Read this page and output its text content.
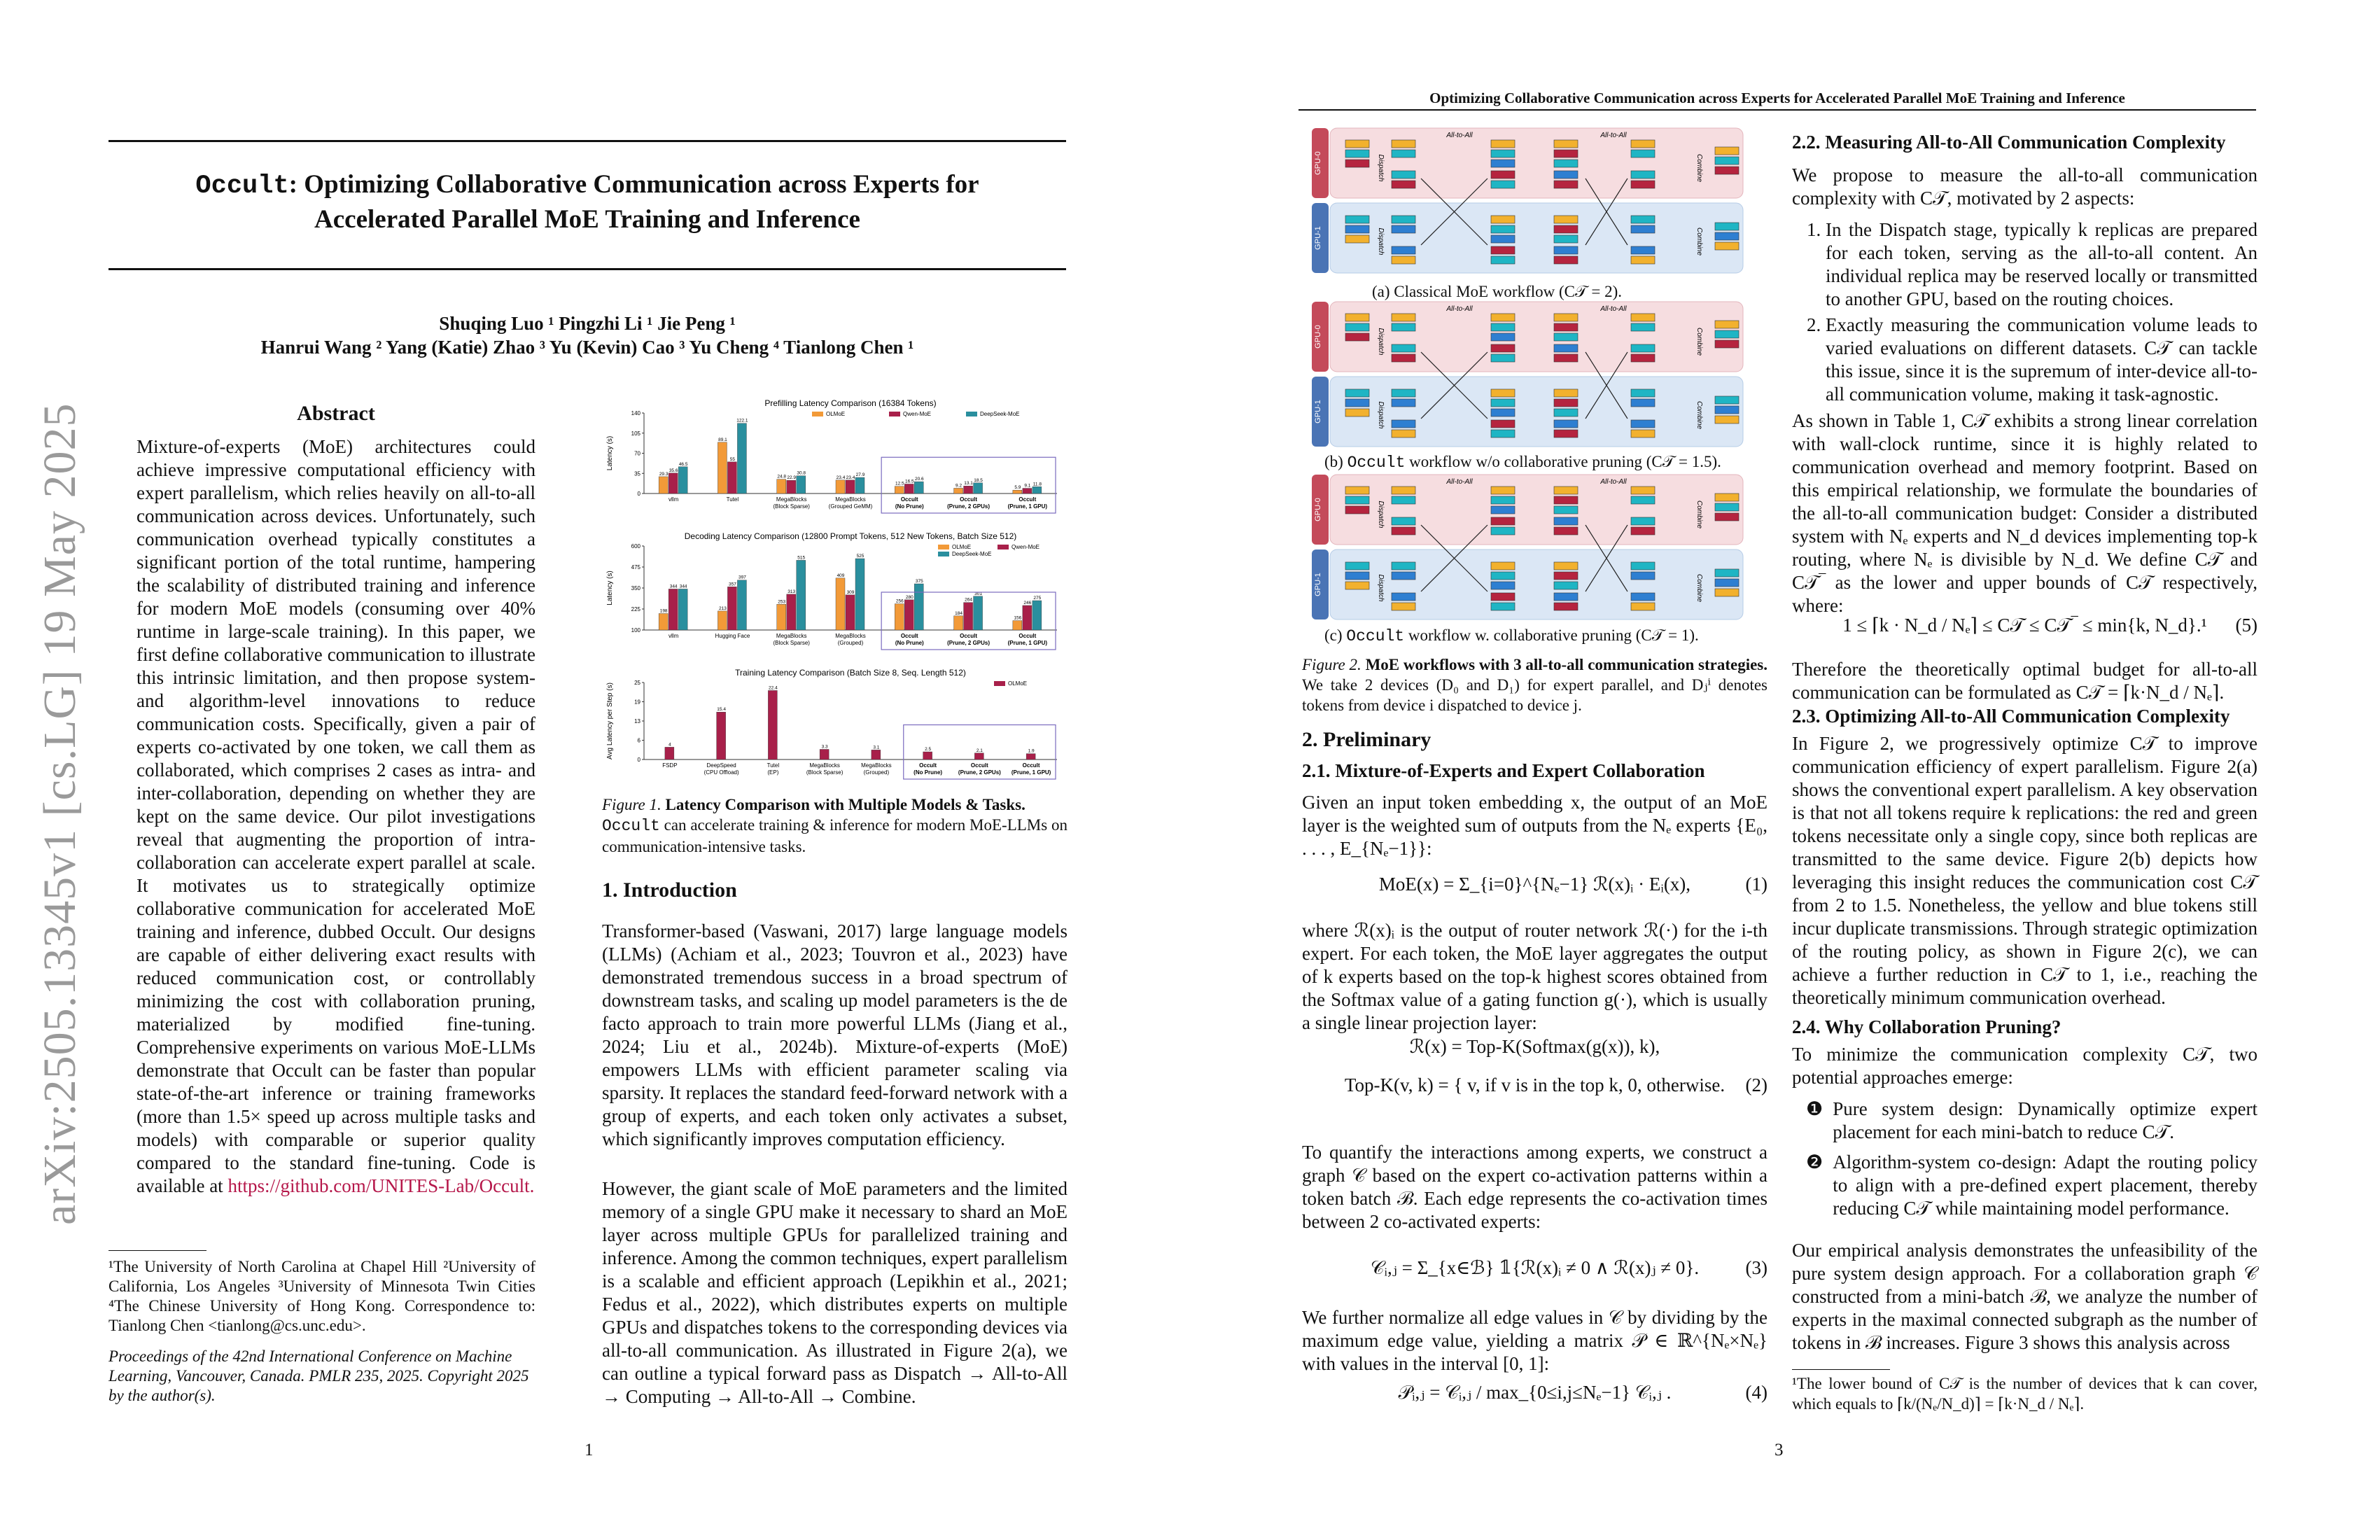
arXiv:2505.13345v1 [cs.LG] 19 May 2025
Occult: Optimizing Collaborative Communication across Experts for
Accelerated Parallel MoE Training and Inference
Shuqing Luo ¹ Pingzhi Li ¹ Jie Peng ¹
Hanrui Wang ² Yang (Katie) Zhao ³ Yu (Kevin) Cao ³ Yu Cheng ⁴ Tianlong Chen ¹
Abstract
Mixture-of-experts (MoE) architectures could achieve impressive computational efficiency with expert parallelism, which relies heavily on all-to-all communication across devices. Unfortunately, such communication overhead typically constitutes a significant portion of the total runtime, hampering the scalability of distributed training and inference for modern MoE models (consuming over 40% runtime in large-scale training). In this paper, we first define collaborative communication to illustrate this intrinsic limitation, and then propose system- and algorithm-level innovations to reduce communication costs. Specifically, given a pair of experts co-activated by one token, we call them as collaborated, which comprises 2 cases as intra- and inter-collaboration, depending on whether they are kept on the same device. Our pilot investigations reveal that augmenting the proportion of intra-collaboration can accelerate expert parallel at scale. It motivates us to strategically optimize collaborative communication for accelerated MoE training and inference, dubbed Occult. Our designs are capable of either delivering exact results with reduced communication cost, or controllably minimizing the cost with collaboration pruning, materialized by modified fine-tuning. Comprehensive experiments on various MoE-LLMs demonstrate that Occult can be faster than popular state-of-the-art inference or training frameworks (more than 1.5× speed up across multiple tasks and models) with comparable or superior quality compared to the standard fine-tuning. Code is available at https://github.com/UNITES-Lab/Occult.
¹The University of North Carolina at Chapel Hill ²University of California, Los Angeles ³University of Minnesota Twin Cities ⁴The Chinese University of Hong Kong. Correspondence to: Tianlong Chen <tianlong@cs.unc.edu>.
Proceedings of the 42nd International Conference on Machine Learning, Vancouver, Canada. PMLR 235, 2025. Copyright 2025 by the author(s).
Prefilling Latency Comparison (16384 Tokens)
Latency (s)
0
35
70
105
140
29.3
35.6
46.5
vllm
89.1
55
122.1
Tutel
24.8 22.9
30.8
MegaBlocks
(Block Sparse)
23.4 23.4
27.9
MegaBlocks
(Grouped GeMM)
12.5 16.5 20.6
Occult
(No Prune)
9.2 13.1
18.5
Occult
(Prune, 2 GPUs)
5.9 9.1 11.8
Occult
(Prune, 1 GPU)
OLMoE	Qwen-MoE	DeepSeek-MoE
Decoding Latency Comparison (12800 Prompt Tokens, 512 New Tokens, Batch Size 512)
Latency (s)
100
225
350
475
600
198
344 344
vllm
213
357
397
Hugging Face
253
313
515
MegaBlocks
(Block Sparse)
409
309
525
MegaBlocks
(Grouped)
256
280
375
Occult
(No Prune)
184
264
301
Occult
(Prune, 2 GPUs)
156
246
275
Occult
(Prune, 1 GPU)
OLMoE	Qwen-MoE
DeepSeek-MoE
Training Latency Comparison (Batch Size 8, Seq. Length 512)
Avg Latency per Step (s)
0
6
13
19
25
4
FSDP
15.4
DeepSpeed
(CPU Offload)
22.4
Tutel
(EP)
3.3
MegaBlocks
(Block Sparse)
3.1
MegaBlocks
(Grouped)
2.5
Occult
(No Prune)
2.1
Occult
(Prune, 2 GPUs)
1.9
Occult
(Prune, 1 GPU)
OLMoE
Figure 1. Latency Comparison with Multiple Models & Tasks.
Occult can accelerate training & inference for modern MoE-LLMs on communication-intensive tasks.
1. Introduction
Transformer-based (Vaswani, 2017) large language models (LLMs) (Achiam et al., 2023; Touvron et al., 2023) have demonstrated tremendous success in a broad spectrum of downstream tasks, and scaling up model parameters is the de facto approach to train more powerful LLMs (Jiang et al., 2024; Liu et al., 2024b). Mixture-of-experts (MoE) empowers LLMs with efficient parameter scaling via sparsity. It replaces the standard feed-forward network with a group of experts, and each token only activates a subset, which significantly improves computation efficiency.
However, the giant scale of MoE parameters and the limited memory of a single GPU make it necessary to shard an MoE layer across multiple GPUs for parallelized training and inference. Among the common techniques, expert parallelism is a scalable and efficient approach (Lepikhin et al., 2021; Fedus et al., 2022), which distributes experts on multiple GPUs and dispatches tokens to the corresponding devices via all-to-all communication. As illustrated in Figure 2(a), we can outline a typical forward pass as Dispatch → All-to-All → Computing → All-to-All → Combine.
1
Optimizing Collaborative Communication across Experts for Accelerated Parallel MoE Training and Inference
GPU-0
GPU-1
Dispatch
Dispatch
Combine
Combine
All-to-All	All-to-All
GPU-0
GPU-1
Dispatch
Dispatch
Combine
Combine
All-to-All	All-to-All
GPU-0
GPU-1
Dispatch
Dispatch
Combine
Combine
All-to-All	All-to-All
(a) Classical MoE workflow (C𝒯 = 2).
(b) Occult workflow w/o collaborative pruning (C𝒯 = 1.5).
(c) Occult workflow w. collaborative pruning (C𝒯 = 1).
Figure 2. MoE workflows with 3 all-to-all communication strategies. We take 2 devices (D₀ and D₁) for expert parallel, and Dⱼⁱ denotes tokens from device i dispatched to device j.
2. Preliminary
2.1. Mixture-of-Experts and Expert Collaboration
Given an input token embedding x, the output of an MoE layer is the weighted sum of outputs from the Nₑ experts {E₀, . . . , E_{Nₑ−1}}:
MoE(x) = Σ_{i=0}^{Nₑ−1} ℛ(x)ᵢ · Eᵢ(x),	(1)
where ℛ(x)ᵢ is the output of router network ℛ(·) for the i-th expert. For each token, the MoE layer aggregates the output of k experts based on the top-k highest scores obtained from the Softmax value of a gating function g(·), which is usually a single linear projection layer:
ℛ(x) = Top-K(Softmax(g(x)), k),
Top-K(v, k) = { v, if v is in the top k, 0, otherwise. (2)
To quantify the interactions among experts, we construct a graph 𝒞 based on the expert co-activation patterns within a token batch ℬ. Each edge represents the co-activation times between 2 co-activated experts:
𝒞ᵢ,ⱼ = Σ_{x∈ℬ} 𝟙{ℛ(x)ᵢ ≠ 0 ∧ ℛ(x)ⱼ ≠ 0}. (3)
We further normalize all edge values in 𝒞 by dividing by the maximum edge value, yielding a matrix 𝒫 ∈ ℝ^{Nₑ×Nₑ} with values in the interval [0, 1]:
𝒫ᵢ,ⱼ = 𝒞ᵢ,ⱼ / max_{0≤i,j≤Nₑ−1} 𝒞ᵢ,ⱼ .	(4)
2.2. Measuring All-to-All Communication Complexity
We propose to measure the all-to-all communication complexity with C𝒯, motivated by 2 aspects:
1. In the Dispatch stage, typically k replicas are prepared for each token, serving as the all-to-all content. An individual replica may be reserved locally or transmitted to another GPU, based on the routing choices.
2. Exactly measuring the communication volume leads to varied evaluations on different datasets. C𝒯 can tackle this issue, since it is the supremum of inter-device all-to-all communication volume, making it task-agnostic.
As shown in Table 1, C𝒯 exhibits a strong linear correlation with wall-clock runtime, since it is highly related to communication overhead and memory footprint. Based on this empirical relationship, we formulate the boundaries of the all-to-all communication budget: Consider a distributed system with Nₑ experts and N_d devices implementing top-k routing, where Nₑ is divisible by N_d. We define C𝒯 and C𝒯‾ as the lower and upper bounds of C𝒯 respectively, where:
1 ≤ ⌈k · N_d / Nₑ⌉ ≤ C𝒯 ≤ C𝒯‾ ≤ min{k, N_d}.¹ (5)
Therefore the theoretically optimal budget for all-to-all communication can be formulated as C𝒯 = ⌈k·N_d / Nₑ⌉.
2.3. Optimizing All-to-All Communication Complexity
In Figure 2, we progressively optimize C𝒯 to improve communication efficiency of expert parallelism. Figure 2(a) shows the conventional expert parallelism. A key observation is that not all tokens require k replications: the red and green tokens necessitate only a single copy, since both replicas are transmitted to the same device. Figure 2(b) depicts how leveraging this insight reduces the communication cost C𝒯 from 2 to 1.5. Nonetheless, the yellow and blue tokens still incur duplicate transmissions. Through strategic optimization of the routing policy, as shown in Figure 2(c), we can achieve a further reduction in C𝒯 to 1, i.e., reaching the theoretically minimum communication overhead.
2.4. Why Collaboration Pruning?
To minimize the communication complexity C𝒯, two potential approaches emerge:
❶ Pure system design: Dynamically optimize expert placement for each mini-batch to reduce C𝒯.
❷ Algorithm-system co-design: Adapt the routing policy to align with a pre-defined expert placement, thereby reducing C𝒯 while maintaining model performance.
Our empirical analysis demonstrates the unfeasibility of the pure system design approach. For a collaboration graph 𝒞 constructed from a mini-batch ℬ, we analyze the number of experts in the maximal connected subgraph as the number of tokens in ℬ increases. Figure 3 shows this analysis across
¹The lower bound of C𝒯 is the number of devices that k can cover, which equals to ⌈k/(Nₑ/N_d)⌉ = ⌈k·N_d / Nₑ⌉.
3
